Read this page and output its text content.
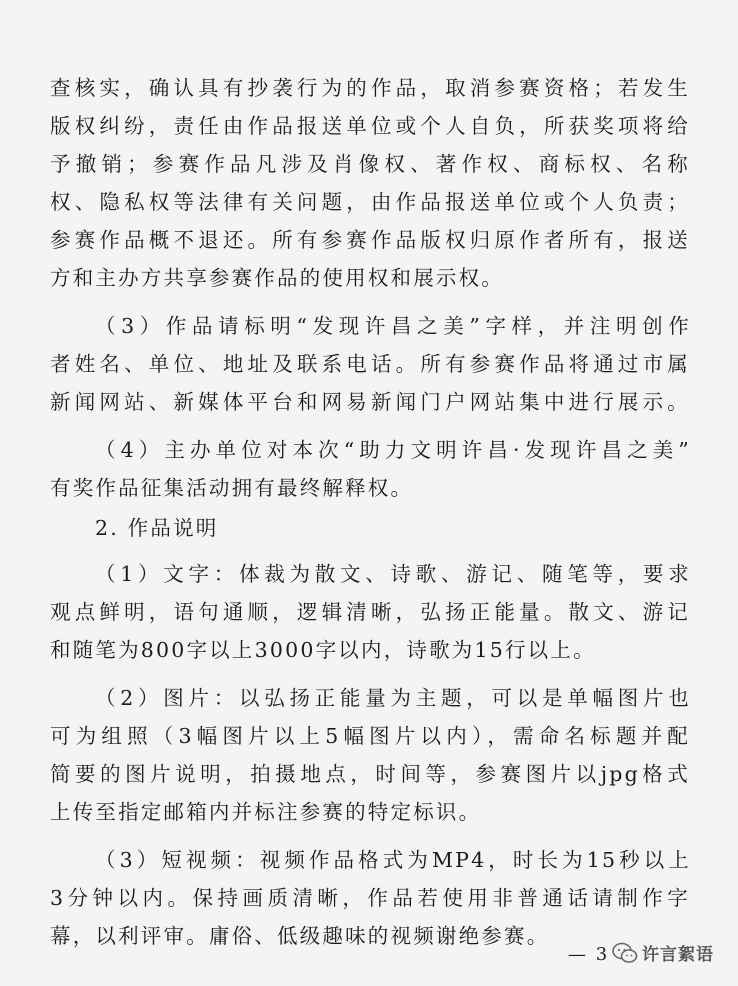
查核实，确认具有抄袭行为的作品，取消参赛资格；若发生
版权纠纷，责任由作品报送单位或个人自负，所获奖项将给
予撤销；参赛作品凡涉及肖像权、著作权、商标权、名称
权、隐私权等法律有关问题，由作品报送单位或个人负责；
参赛作品概不退还。所有参赛作品版权归原作者所有，报送
方和主办方共享参赛作品的使用权和展示权。
（3）作品请标明“发现许昌之美”字样，并注明创作
者姓名、单位、地址及联系电话。所有参赛作品将通过市属
新闻网站、新媒体平台和网易新闻门户网站集中进行展示。
（4）主办单位对本次“助力文明许昌·发现许昌之美”
有奖作品征集活动拥有最终解释权。
2. 作品说明
（1）文字：体裁为散文、诗歌、游记、随笔等，要求
观点鲜明，语句通顺，逻辑清晰，弘扬正能量。散文、游记
和随笔为800字以上3000字以内，诗歌为15行以上。
（2）图片：以弘扬正能量为主题，可以是单幅图片也
可为组照（3幅图片以上5幅图片以内），需命名标题并配
简要的图片说明，拍摄地点，时间等，参赛图片以jpg格式
上传至指定邮箱内并标注参赛的特定标识。
（3）短视频：视频作品格式为MP4，时长为15秒以上
3分钟以内。保持画质清晰，作品若使用非普通话请制作字
幕，以利评审。庸俗、低级趣味的视频谢绝参赛。
— 3 许言絮语
